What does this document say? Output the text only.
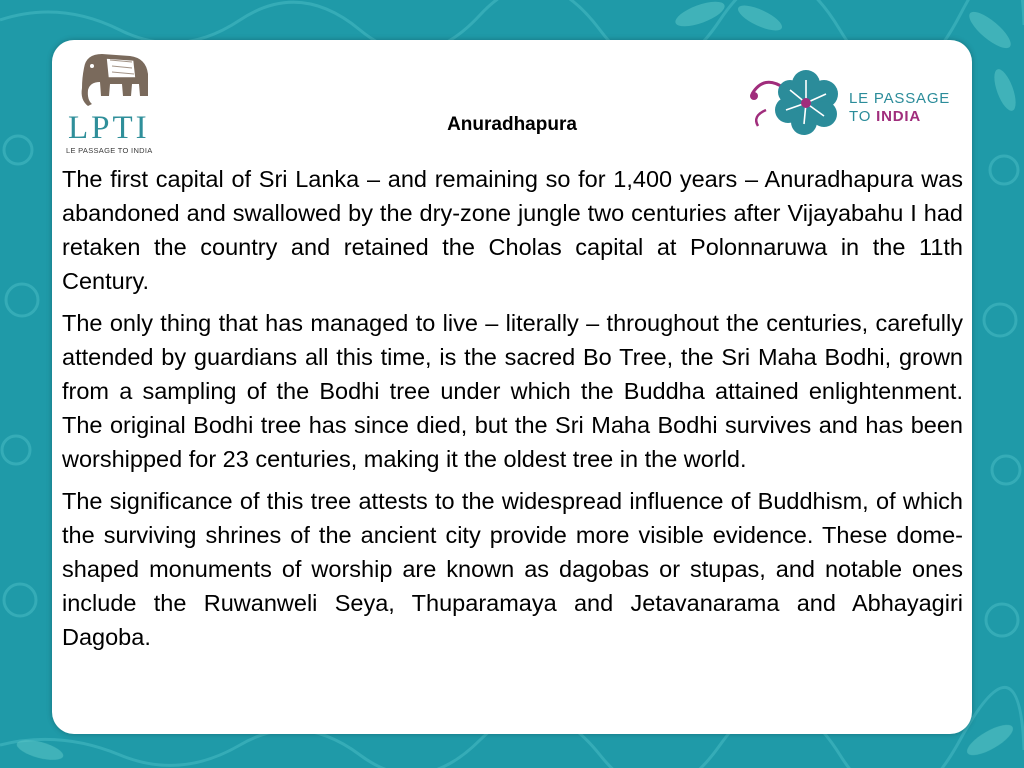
LPTI
LE PASSAGE TO INDIA
LE PASSAGE
TO INDIA
Anuradhapura

The first capital of Sri Lanka – and remaining so for 1,400 years – Anuradhapura was abandoned and swallowed by the dry-zone jungle two centuries after Vijayabahu I had retaken the country and retained the Cholas capital at Polonnaruwa in the 11th Century.

The only thing that has managed to live – literally – throughout the centuries, carefully attended by guardians all this time, is the sacred Bo Tree, the Sri Maha Bodhi, grown from a sampling of the Bodhi tree under which the Buddha attained enlightenment. The original Bodhi tree has since died, but the Sri Maha Bodhi survives and has been worshipped for 23 centuries, making it the oldest tree in the world.

The significance of this tree attests to the widespread influence of Buddhism, of which the surviving shrines of the ancient city provide more visible evidence. These dome-shaped monuments of worship are known as dagobas or stupas, and notable ones include the Ruwanweli Seya, Thuparamaya and Jetavanarama and Abhayagiri Dagoba.
